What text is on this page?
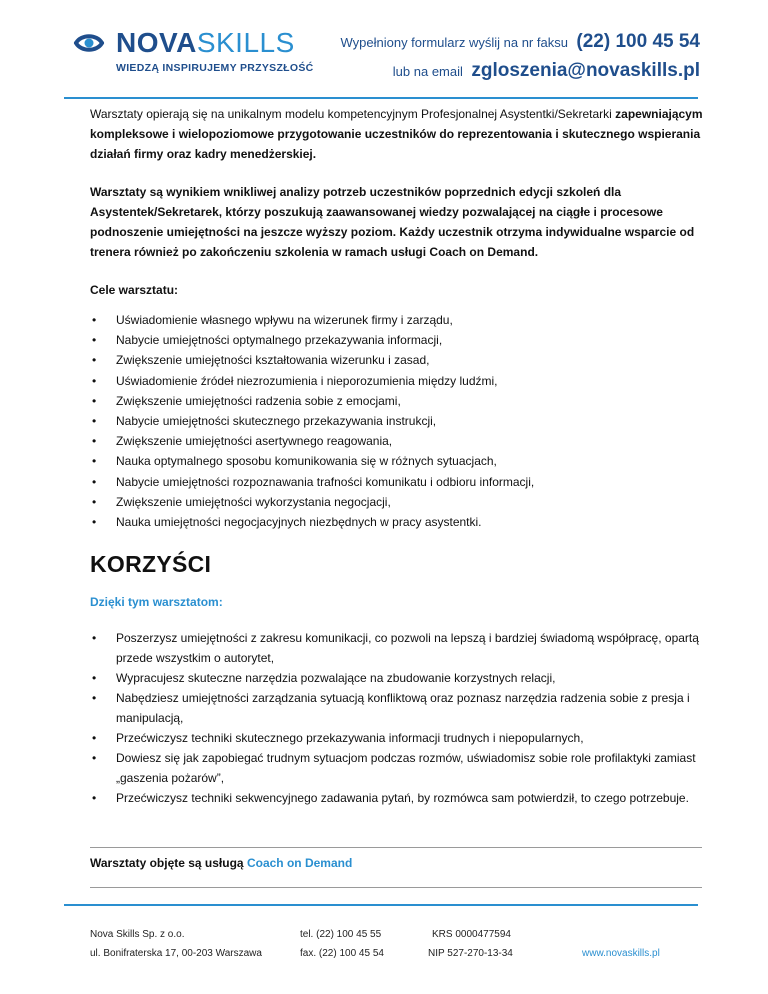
NOVASKILLS
WIEDZĄ INSPIRUJEMY PRZYSZŁOŚĆ
Wypełniony formularz wyślij na nr faksu (22) 100 45 54
lub na email zgloszenia@novaskills.pl

Warsztaty opierają się na unikalnym modelu kompetencyjnym Profesjonalnej Asystentki/Sekretarki zapewniającym kompleksowe i wielopoziomowe przygotowanie uczestników do reprezentowania i skutecznego wspierania działań firmy oraz kadry menedżerskiej.

Warsztaty są wynikiem wnikliwej analizy potrzeb uczestników poprzednich edycji szkoleń dla Asystentek/Sekretarek, którzy poszukują zaawansowanej wiedzy pozwalającej na ciągłe i procesowe podnoszenie umiejętności na jeszcze wyższy poziom. Każdy uczestnik otrzyma indywidualne wsparcie od trenera również po zakończeniu szkolenia w ramach usługi Coach on Demand.

Cele warsztatu:

• Uświadomienie własnego wpływu na wizerunek firmy i zarządu,
• Nabycie umiejętności optymalnego przekazywania informacji,
• Zwiększenie umiejętności kształtowania wizerunku i zasad,
• Uświadomienie źródeł niezrozumienia i nieporozumienia między ludźmi,
• Zwiększenie umiejętności radzenia sobie z emocjami,
• Nabycie umiejętności skutecznego przekazywania instrukcji,
• Zwiększenie umiejętności asertywnego reagowania,
• Nauka optymalnego sposobu komunikowania się w różnych sytuacjach,
• Nabycie umiejętności rozpoznawania trafności komunikatu i odbioru informacji,
• Zwiększenie umiejętności wykorzystania negocjacji,
• Nauka umiejętności negocjacyjnych niezbędnych w pracy asystentki.
KORZYŚCI

Dzięki tym warsztatom:

• Poszerzysz umiejętności z zakresu komunikacji, co pozwoli na lepszą i bardziej świadomą współpracę, opartą przede wszystkim o autorytet,
• Wypracujesz skuteczne narzędzia pozwalające na zbudowanie korzystnych relacji,
• Nabędziesz umiejętności zarządzania sytuacją konfliktową oraz poznasz narzędzia radzenia sobie z presja i manipulacją,
• Przećwiczysz techniki skutecznego przekazywania informacji trudnych i niepopularnych,
• Dowiesz się jak zapobiegać trudnym sytuacjom podczas rozmów, uświadomisz sobie role profilaktyki zamiast „gaszenia pożarów”,
• Przećwiczysz techniki sekwencyjnego zadawania pytań, by rozmówca sam potwierdził, to czego potrzebuje.
Warsztaty objęte są usługą Coach on Demand
Nova Skills Sp. z o.o.
ul. Bonifraterska 17, 00-203 Warszawa
tel. (22) 100 45 55
fax. (22) 100 45 54
KRS 0000477594
NIP 527-270-13-34	www.novaskills.pl
